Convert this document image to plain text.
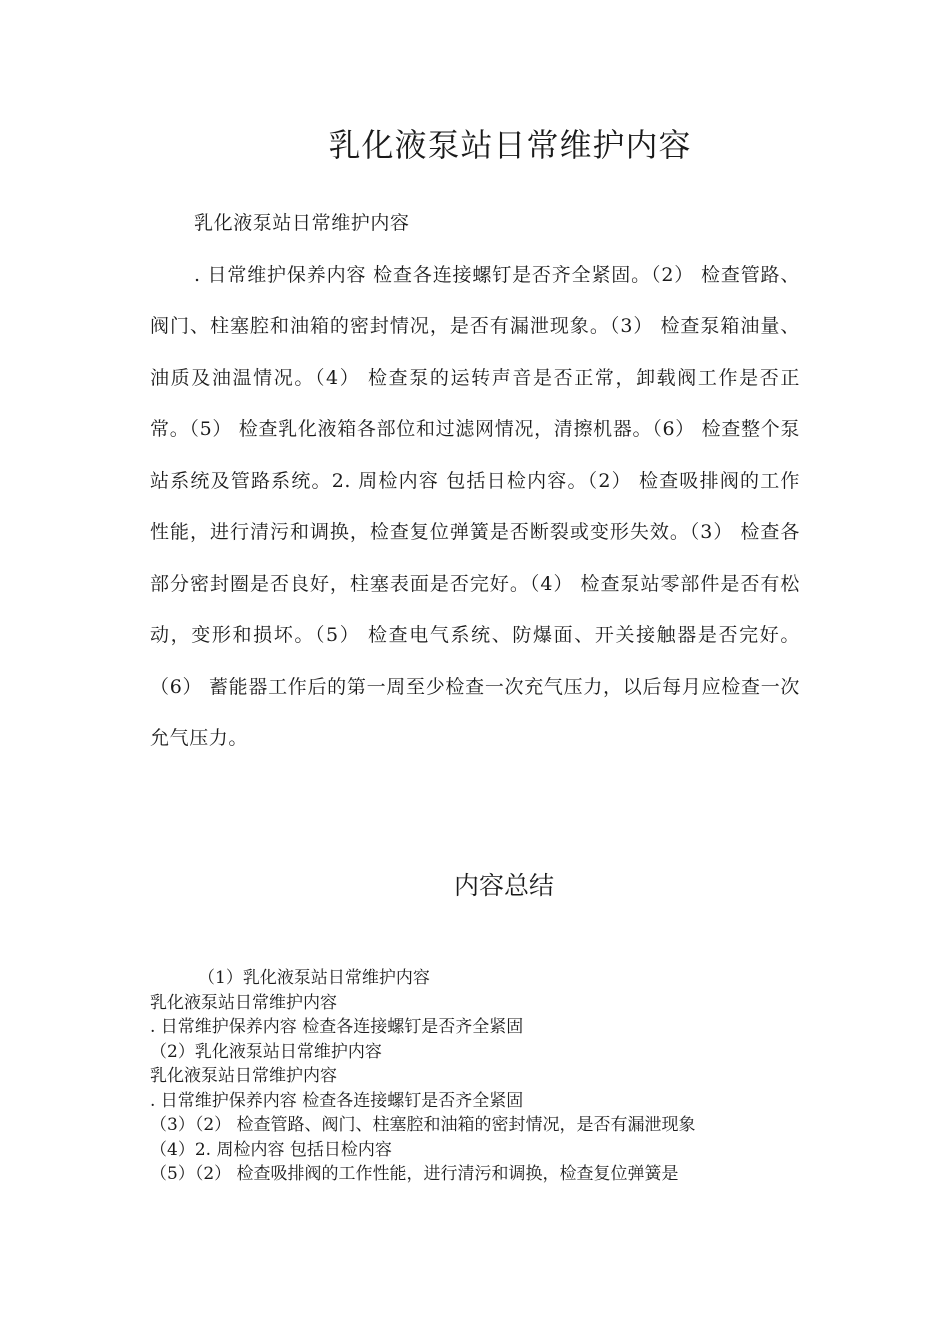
乳化液泵站日常维护内容

乳化液泵站日常维护内容

. 日常维护保养内容 检查各连接螺钉是否齐全紧固。（2） 检查管路、阀门、柱塞腔和油箱的密封情况，是否有漏泄现象。（3） 检查泵箱油量、油质及油温情况。（4） 检查泵的运转声音是否正常，卸载阀工作是否正常。（5） 检查乳化液箱各部位和过滤网情况，清擦机器。（6） 检查整个泵站系统及管路系统。2. 周检内容 包括日检内容。（2） 检查吸排阀的工作性能，进行清污和调换，检查复位弹簧是否断裂或变形失效。（3） 检查各部分密封圈是否良好，柱塞表面是否完好。（4） 检查泵站零部件是否有松动，变形和损坏。（5） 检查电气系统、防爆面、开关接触器是否完好。（6） 蓄能器工作后的第一周至少检查一次充气压力，以后每月应检查一次允气压力。

内容总结
（1）乳化液泵站日常维护内容
乳化液泵站日常维护内容
. 日常维护保养内容 检查各连接螺钉是否齐全紧固
（2）乳化液泵站日常维护内容
乳化液泵站日常维护内容
. 日常维护保养内容 检查各连接螺钉是否齐全紧固
（3）（2） 检查管路、阀门、柱塞腔和油箱的密封情况，是否有漏泄现象
（4）2. 周检内容 包括日检内容
（5）（2） 检查吸排阀的工作性能，进行清污和调换，检查复位弹簧是
